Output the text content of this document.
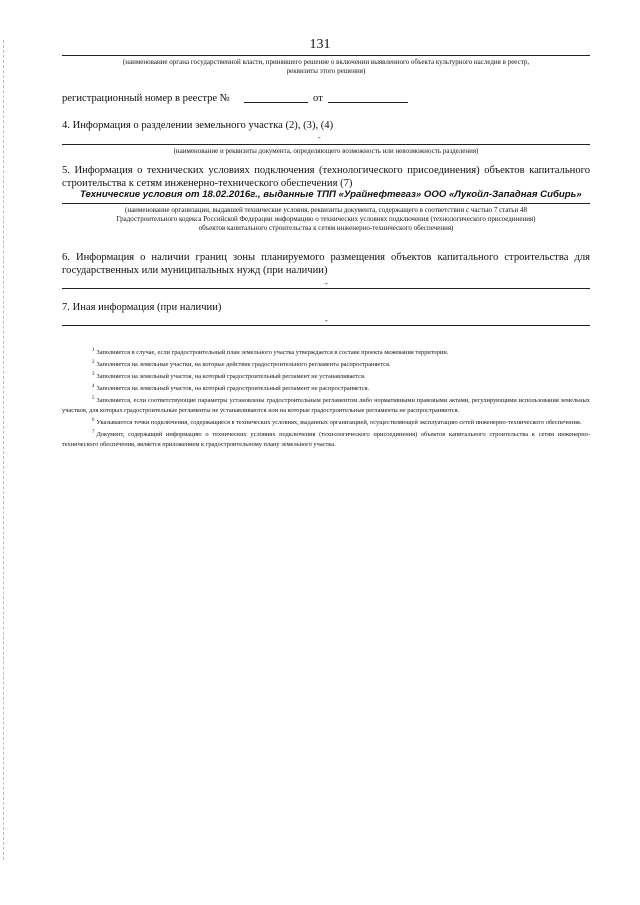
131
(наименование органа государственной власти, принявшего решение о включении выявленного объекта культурного наследия в реестр,
реквизиты этого решения)
регистрационный номер в реестре №	от
4. Информация о разделении земельного участка (2), (3), (4)
-
(наименование и реквизиты документа, определяющего возможность или невозможность разделения)
5. Информация о технических условиях подключения (технологического присоединения) объектов капитального
строительства к сетям инженерно-технического обеспечения (7)
Технические условия от 18.02.2016г., выданные ТПП «Урайнефтегаз» ООО «Лукойл-Западная Сибирь»
(наименование организации, выдавшей технические условия, реквизиты документа, содержащего в соответствии с частью 7 статьи 48
Градостроительного кодекса Российской Федерации информацию о технических условиях подключения (технологического присоединения)
объектов капитального строительства к сетям инженерно-технического обеспечения)
6. Информация о наличии границ зоны планируемого размещения объектов капитального строительства для
государственных или муниципальных нужд (при наличии)
-
7. Иная информация (при наличии)
-

$^1$ Заполняется в случае, если градостроительный план земельного участка утверждается в составе проекта межевания территории.

$^2$ Заполняется на земельные участки, на которые действие градостроительного регламента распространяется.

$^3$ Заполняется на земельный участок, на который градостроительный регламент не устанавливается.

$^4$ Заполняется на земельный участок, на который градостроительный регламент не распространяется.

$^5$ Заполняется, если соответствующие параметры установлены градостроительным регламентом либо нормативными правовыми актами, регулирующими использования земельных участков, для которых градостроительные регламенты не устанавливаются или на которые градостроительные регламенты не распространяются.

$^6$ Указываются точки подключения, содержащиеся в технических условиях, выданных организацией, осуществляющей эксплуатацию сетей инженерно-технического обеспечения.

$^7$ Документ, содержащий информацию о технических условиях подключения (технологического присоединения) объектов капитального строительства к сетям инженерно-технического обеспечения, является приложением к градостроительному плану земельного участка.
